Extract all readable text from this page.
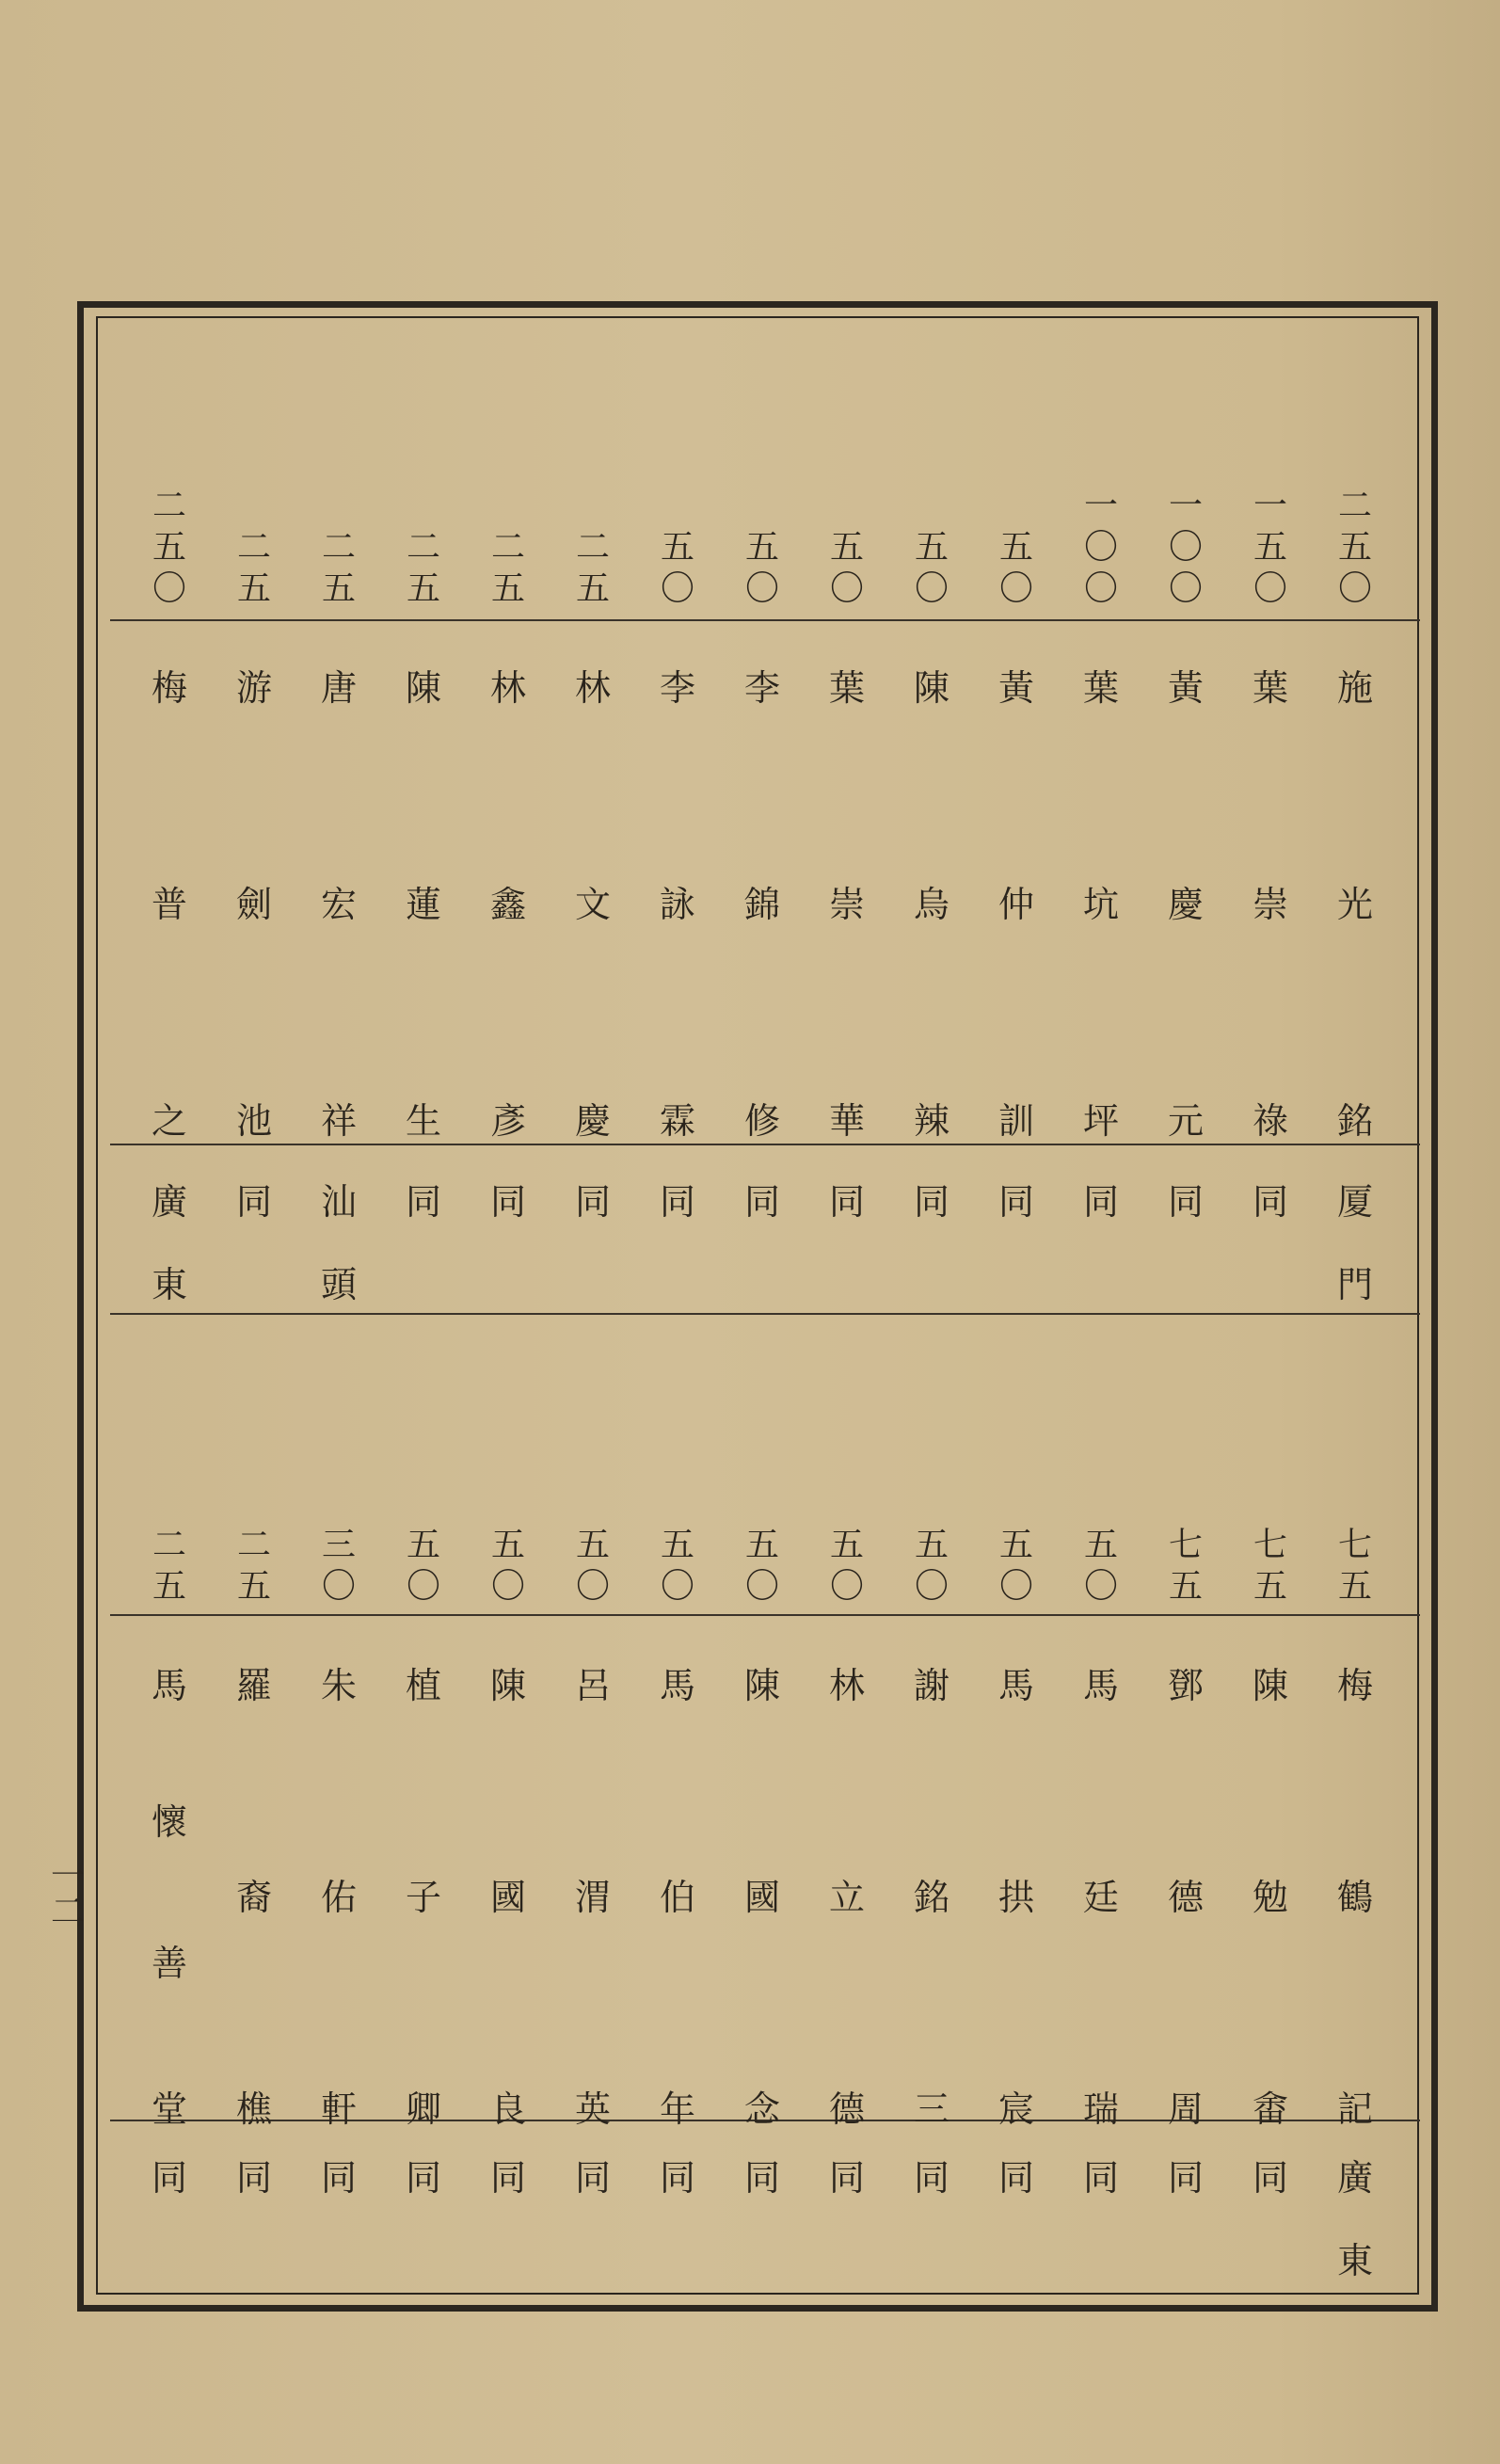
二
五
〇
施
光
銘
厦
門
一
五
〇
葉
崇
祿
同
一
〇
〇
黃
慶
元
同
一
〇
〇
葉
坑
坪
同
五
〇
黃
仲
訓
同
五
〇
陳
烏
辣
同
五
〇
葉
崇
華
同
五
〇
李
錦
修
同
五
〇
李
詠
霖
同
二
五
林
文
慶
同
二
五
林
鑫
彥
同
二
五
陳
蓮
生
同
二
五
唐
宏
祥
汕
頭
二
五
游
劍
池
同
二
五
〇
梅
普
之
廣
東
七
五
梅
鶴
記
廣
東
七
五
陳
勉
畬
同
七
五
鄧
德
周
同
五
〇
馬
廷
瑞
同
五
〇
馬
拱
宸
同
五
〇
謝
銘
三
同
五
〇
林
立
德
同
五
〇
陳
國
念
同
五
〇
馬
伯
年
同
五
〇
呂
渭
英
同
五
〇
陳
國
良
同
五
〇
植
子
卿
同
三
〇
朱
佑
軒
同
二
五
羅
裔
樵
同
二
五
馬
懷
善
堂
同
一
二
